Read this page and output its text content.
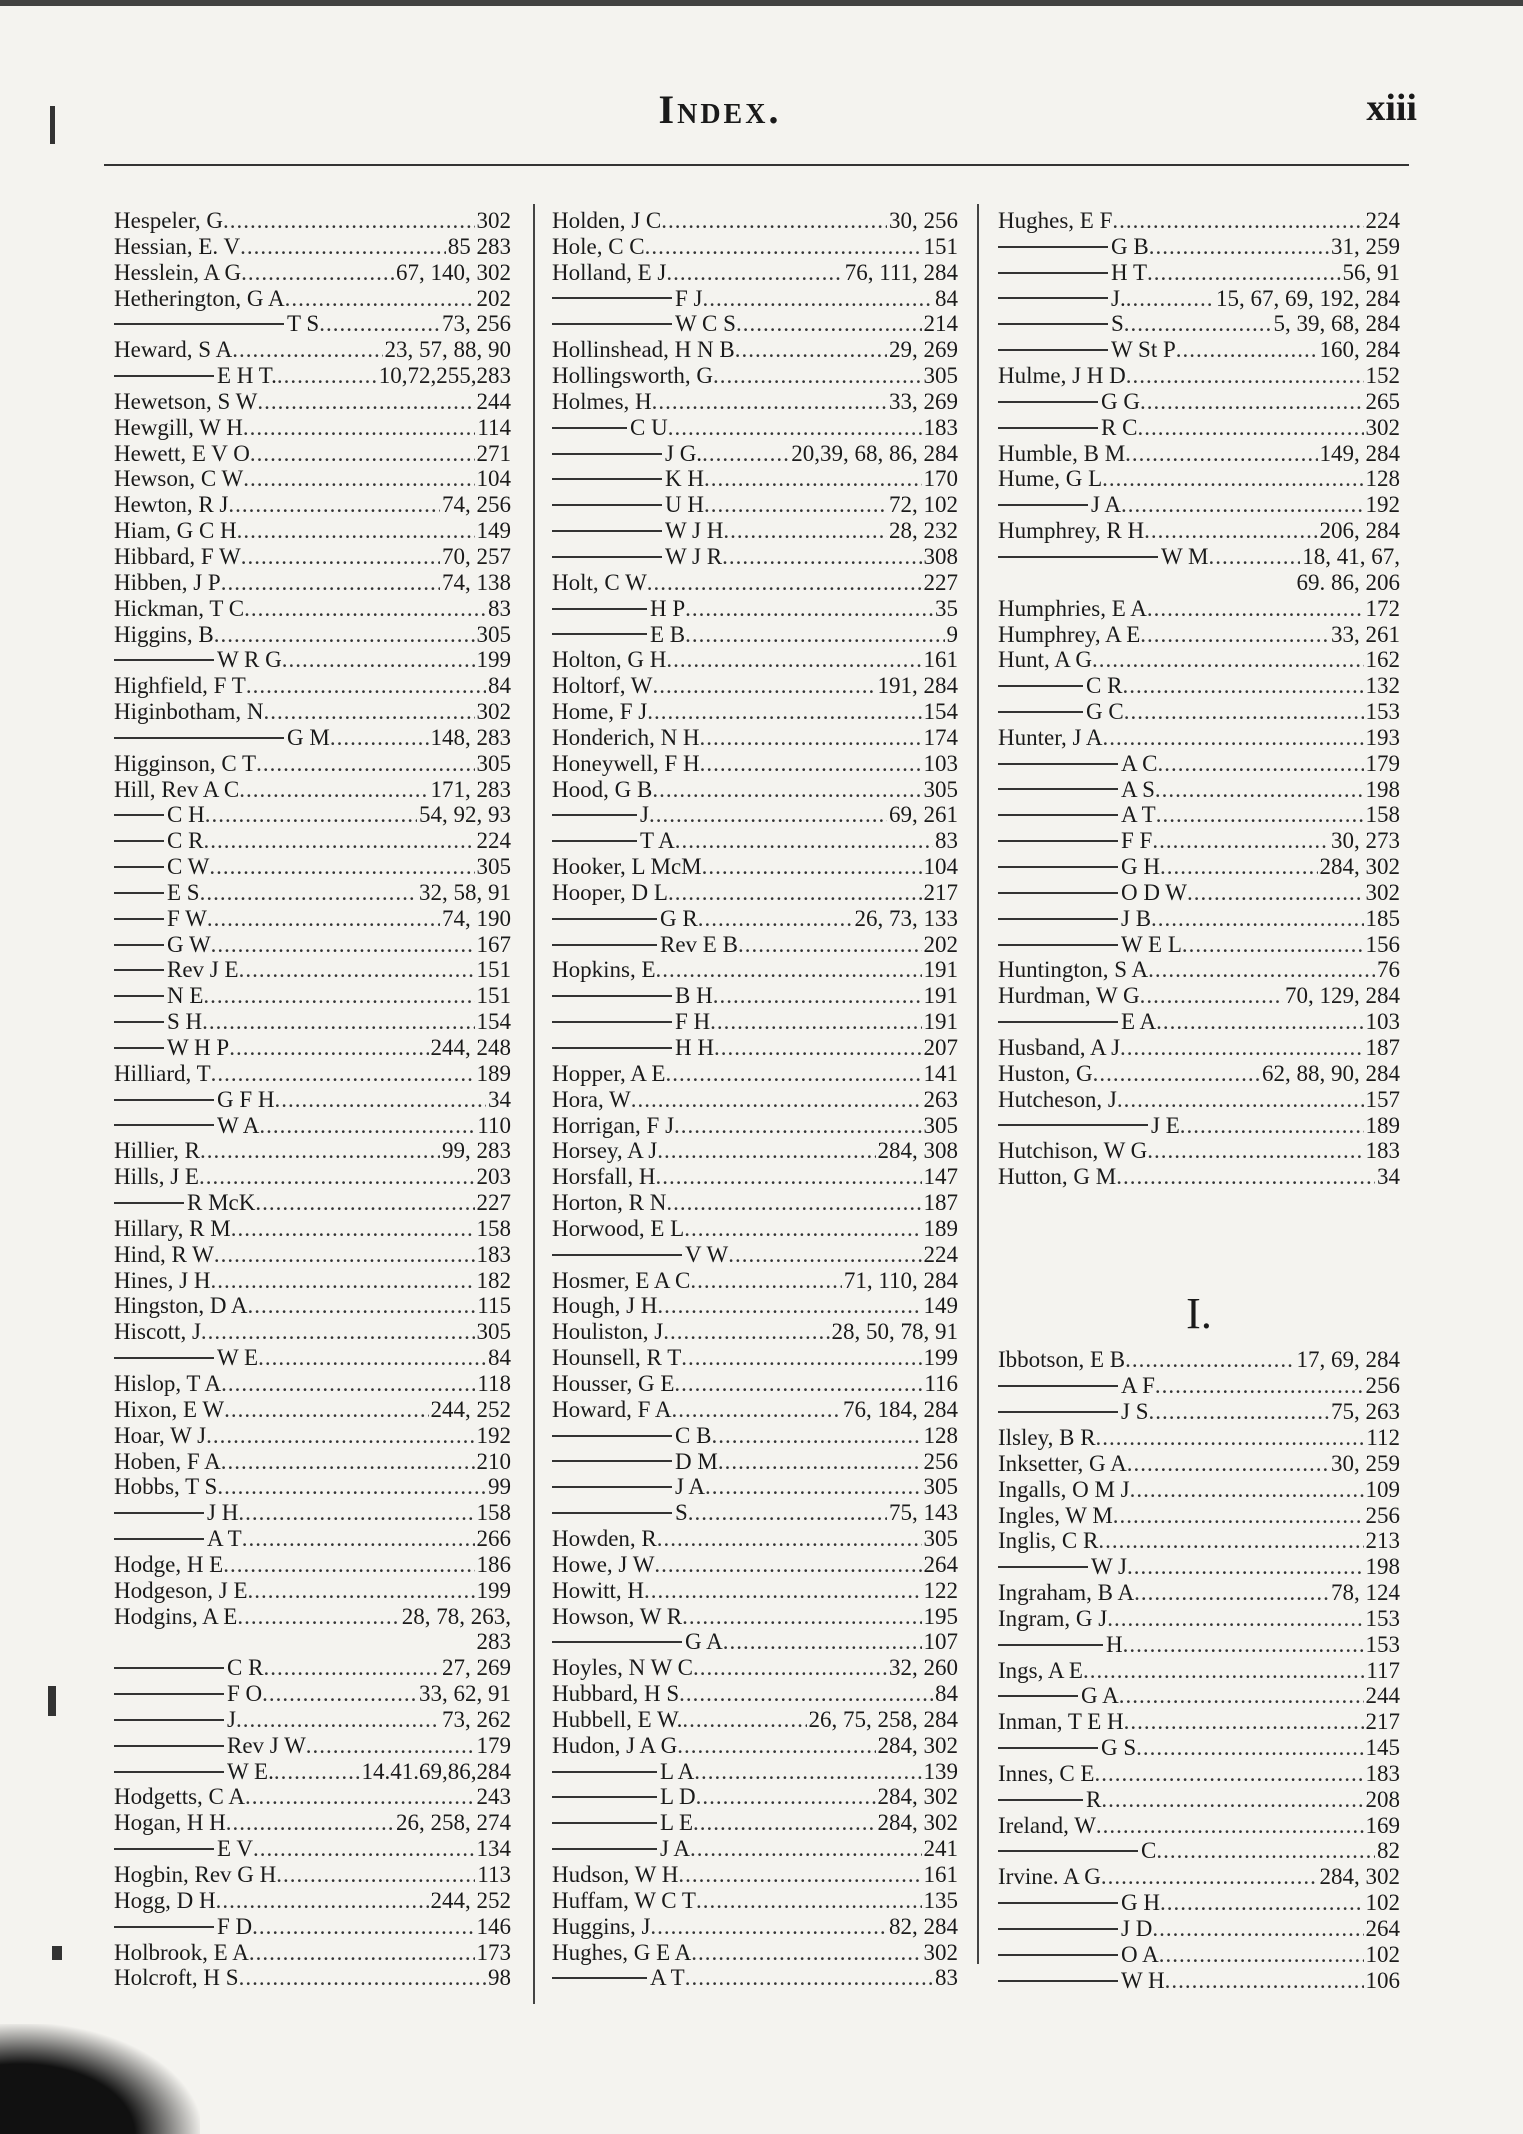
Index.	xiii
Hespeler, G .....	302
Hessian, E. V .....	85 283
Hesslein, A G .....	67, 140, 302
Hetherington, G A .....	202
T S .....	73, 256
Heward, S A .....	23, 57, 88, 90
E H T. .....	10,72,255,283
Hewetson, S W .....	244
Hewgill, W H .....	114
Hewett, E V O .....	271
Hewson, C W .....	104
Hewton, R J .....	74, 256
Hiam, G C H .....	149
Hibbard, F W .....	70, 257
Hibben, J P .....	74, 138
Hickman, T C .....	83
Higgins, B .....	305
W R G .....	199
Highfield, F T .....	84
Higinbotham, N .....	302
G M .....	148, 283
Higginson, C T .....	305
Hill, Rev A C .....	171, 283
C H .....	54, 92, 93
C R .....	224
C W .....	305
E S .....	32, 58, 91
F W .....	74, 190
G W .....	167
Rev J E .....	151
N E .....	151
S H .....	154
W H P .....	244, 248
Hilliard, T .....	189
G F H .....	34
W A .....	110
Hillier, R .....	99, 283
Hills, J E .....	203
R McK .....	227
Hillary, R M .....	158
Hind, R W .....	183
Hines, J H .....	182
Hingston, D A .....	115
Hiscott, J .....	305
W E .....	84
Hislop, T A .....	118
Hixon, E W .....	244, 252
Hoar, W J .....	192
Hoben, F A .....	210
Hobbs, T S .....	99
J H .....	158
A T .....	266
Hodge, H E .....	186
Hodgeson, J E .....	199
Hodgins, A E .....	28, 78, 263,
283
C R .....	27, 269
F O .....	33, 62, 91
J .....	73, 262
Rev J W .....	179
W E. .....	14.41.69,86,284
Hodgetts, C A .....	243
Hogan, H H .....	26, 258, 274
E V .....	134
Hogbin, Rev G H .....	113
Hogg, D H .....	244, 252
F D .....	146
Holbrook, E A .....	173
Holcroft, H S .....	98
Holden, J C .....	30, 256
Hole, C C .....	151
Holland, E J .....	76, 111, 284
F J .....	84
W C S .....	214
Hollinshead, H N B .....	29, 269
Hollingsworth, G .....	305
Holmes, H .....	33, 269
C U .....	183
J G. .....	20,39, 68, 86, 284
K H .....	170
U H .....	72, 102
W J H .....	28, 232
W J R .....	308
Holt, C W .....	227
H P .....	35
E B .....	9
Holton, G H .....	161
Holtorf, W .....	191, 284
Home, F J .....	154
Honderich, N H .....	174
Honeywell, F H .....	103
Hood, G B .....	305
J .....	69, 261
T A .....	83
Hooker, L McM .....	104
Hooper, D L .....	217
G R .....	26, 73, 133
Rev E B .....	202
Hopkins, E .....	191
B H .....	191
F H .....	191
H H .....	207
Hopper, A E .....	141
Hora, W .....	263
Horrigan, F J .....	305
Horsey, A J .....	284, 308
Horsfall, H .....	147
Horton, R N .....	187
Horwood, E L .....	189
V W .....	224
Hosmer, E A C .....	71, 110, 284
Hough, J H .....	149
Houliston, J .....	28, 50, 78, 91
Hounsell, R T .....	199
Housser, G E .....	116
Howard, F A .....	76, 184, 284
C B .....	128
D M .....	256
J A .....	305
S .....	75, 143
Howden, R .....	305
Howe, J W .....	264
Howitt, H .....	122
Howson, W R .....	195
G A .....	107
Hoyles, N W C .....	32, 260
Hubbard, H S .....	84
Hubbell, E W. .....	26, 75, 258, 284
Hudon, J A G .....	284, 302
L A .....	139
L D .....	284, 302
L E .....	284, 302
J A .....	241
Hudson, W H .....	161
Huffam, W C T .....	135
Huggins, J .....	82, 284
Hughes, G E A .....	302
A T .....	83
Hughes, E F .....	224
G B .....	31, 259
H T .....	56, 91
J. .....	15, 67, 69, 192, 284
S .....	5, 39, 68, 284
W St P .....	160, 284
Hulme, J H D .....	152
G G .....	265
R C .....	302
Humble, B M .....	149, 284
Hume, G L .....	128
J A .....	192
Humphrey, R H .....	206, 284
W M .....	18, 41, 67,
69. 86, 206
Humphries, E A .....	172
Humphrey, A E .....	33, 261
Hunt, A G .....	162
C R .....	132
G C .....	153
Hunter, J A .....	193
A C .....	179
A S .....	198
A T .....	158
F F .....	30, 273
G H .....	284, 302
O D W .....	302
J B .....	185
W E L .....	156
Huntington, S A .....	76
Hurdman, W G .....	70, 129, 284
E A .....	103
Husband, A J .....	187
Huston, G .....	62, 88, 90, 284
Hutcheson, J .....	157
J E .....	189
Hutchison, W G .....	183
Hutton, G M .....	34
I.
Ibbotson, E B .....	17, 69, 284
A F .....	256
J S .....	75, 263
Ilsley, B R .....	112
Inksetter, G A .....	30, 259
Ingalls, O M J .....	109
Ingles, W M .....	256
Inglis, C R .....	213
W J .....	198
Ingraham, B A .....	78, 124
Ingram, G J .....	153
H .....	153
Ings, A E .....	117
G A .....	244
Inman, T E H .....	217
G S .....	145
Innes, C E .....	183
R .....	208
Ireland, W .....	169
C .....	82
Irvine. A G .....	284, 302
G H .....	102
J D .....	264
O A .....	102
W H .....	106
